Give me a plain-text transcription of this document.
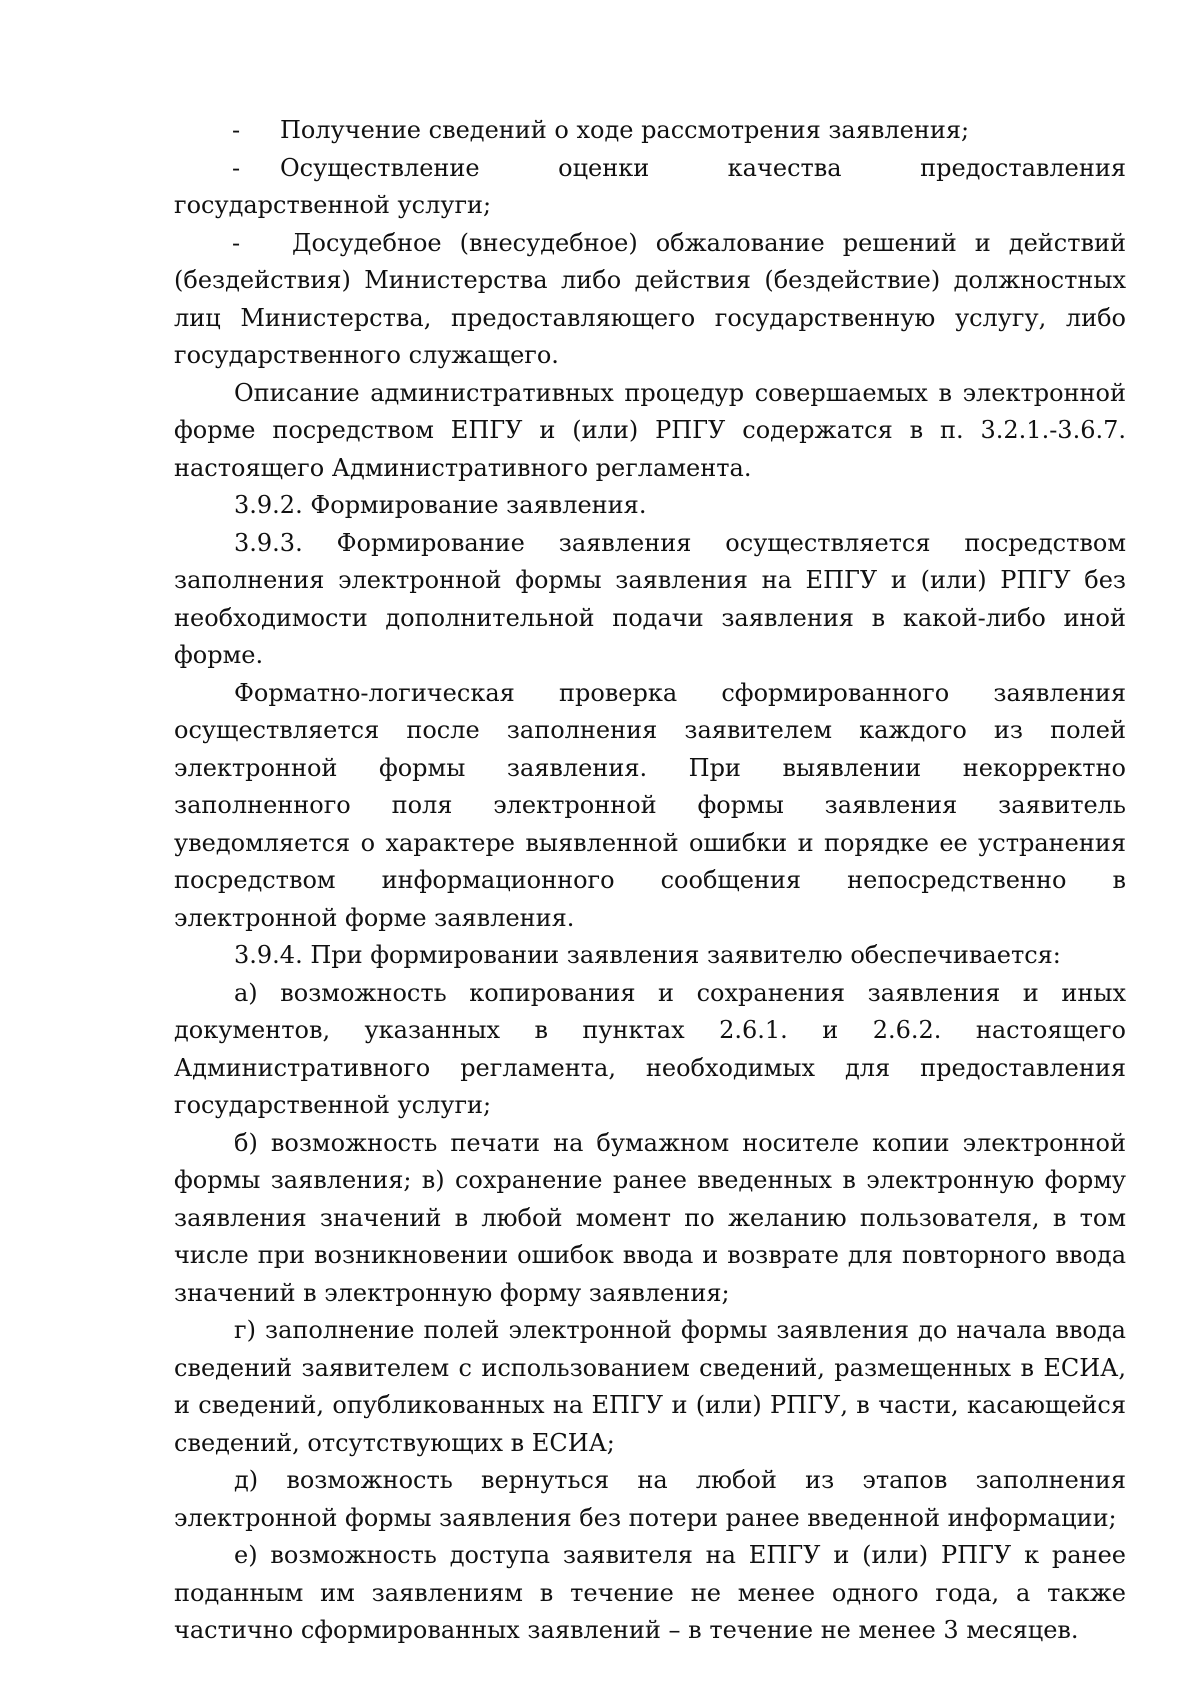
- Получение сведений о ходе рассмотрения заявления;

- Осуществление оценки качества предоставления государственной услуги;

- Досудебное (внесудебное) обжалование решений и действий (бездействия) Министерства либо действия (бездействие) должностных лиц Министерства, предоставляющего государственную услугу, либо государственного служащего.

Описание административных процедур совершаемых в электронной форме посредством ЕПГУ и (или) РПГУ содержатся в п. 3.2.1.-3.6.7. настоящего Административного регламента.

3.9.2. Формирование заявления.

3.9.3. Формирование заявления осуществляется посредством заполнения электронной формы заявления на ЕПГУ и (или) РПГУ без необходимости дополнительной подачи заявления в какой-либо иной форме.

Форматно-логическая проверка сформированного заявления осуществляется после заполнения заявителем каждого из полей электронной формы заявления. При выявлении некорректно заполненного поля электронной формы заявления заявитель уведомляется о характере выявленной ошибки и порядке ее устранения посредством информационного сообщения непосредственно в электронной форме заявления.

3.9.4. При формировании заявления заявителю обеспечивается:

а) возможность копирования и сохранения заявления и иных документов, указанных в пунктах 2.6.1. и 2.6.2. настоящего Административного регламента, необходимых для предоставления государственной услуги;

б) возможность печати на бумажном носителе копии электронной формы заявления; в) сохранение ранее введенных в электронную форму заявления значений в любой момент по желанию пользователя, в том числе при возникновении ошибок ввода и возврате для повторного ввода значений в электронную форму заявления;

г) заполнение полей электронной формы заявления до начала ввода сведений заявителем с использованием сведений, размещенных в ЕСИА, и сведений, опубликованных на ЕПГУ и (или) РПГУ, в части, касающейся сведений, отсутствующих в ЕСИА;

д) возможность вернуться на любой из этапов заполнения электронной формы заявления без потери ранее введенной информации;

е) возможность доступа заявителя на ЕПГУ и (или) РПГУ к ранее поданным им заявлениям в течение не менее одного года, а также частично сформированных заявлений – в течение не менее 3 месяцев.
